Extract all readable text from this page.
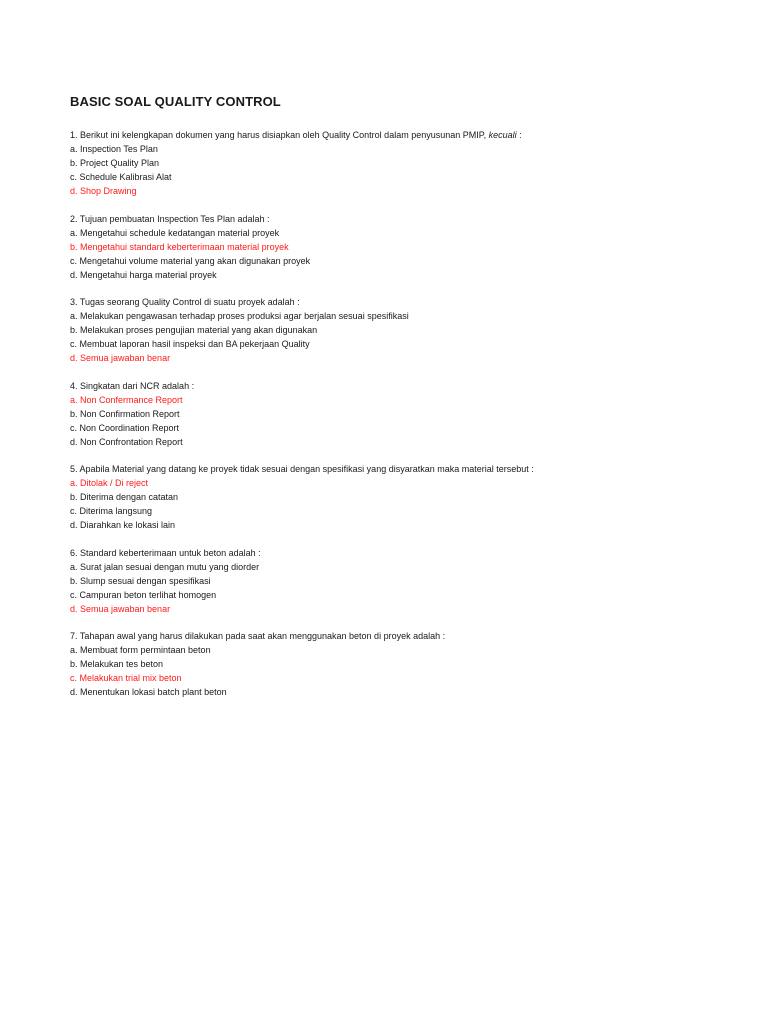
BASIC SOAL QUALITY CONTROL
1. Berikut ini kelengkapan dokumen yang harus disiapkan oleh Quality Control dalam penyusunan PMIP, kecuali :
a. Inspection Tes Plan
b. Project Quality Plan
c. Schedule Kalibrasi Alat
d. Shop Drawing
2. Tujuan pembuatan Inspection Tes Plan adalah :
a. Mengetahui schedule kedatangan material proyek
b. Mengetahui standard keberterimaan material proyek
c. Mengetahui volume material yang akan digunakan proyek
d. Mengetahui harga material proyek
3. Tugas seorang Quality Control di suatu proyek adalah :
a. Melakukan pengawasan terhadap proses produksi agar berjalan sesuai spesifikasi
b. Melakukan proses pengujian material yang akan digunakan
c. Membuat laporan hasil inspeksi dan BA pekerjaan Quality
d. Semua jawaban benar
4. Singkatan dari NCR adalah :
a. Non Confermance Report
b. Non Confirmation Report
c. Non Coordination Report
d. Non Confrontation Report
5. Apabila Material yang datang ke proyek tidak sesuai dengan spesifikasi yang disyaratkan maka material tersebut :
a. Ditolak / Di reject
b. Diterima dengan catatan
c. Diterima langsung
d. Diarahkan ke lokasi lain
6. Standard keberterimaan untuk beton adalah :
a. Surat jalan sesuai dengan mutu yang diorder
b. Slump sesuai dengan spesifikasi
c. Campuran beton terlihat homogen
d. Semua jawaban benar
7. Tahapan awal yang harus dilakukan pada saat akan menggunakan beton di proyek adalah :
a. Membuat form permintaan beton
b. Melakukan tes beton
c. Melakukan trial mix beton
d. Menentukan lokasi batch plant beton
